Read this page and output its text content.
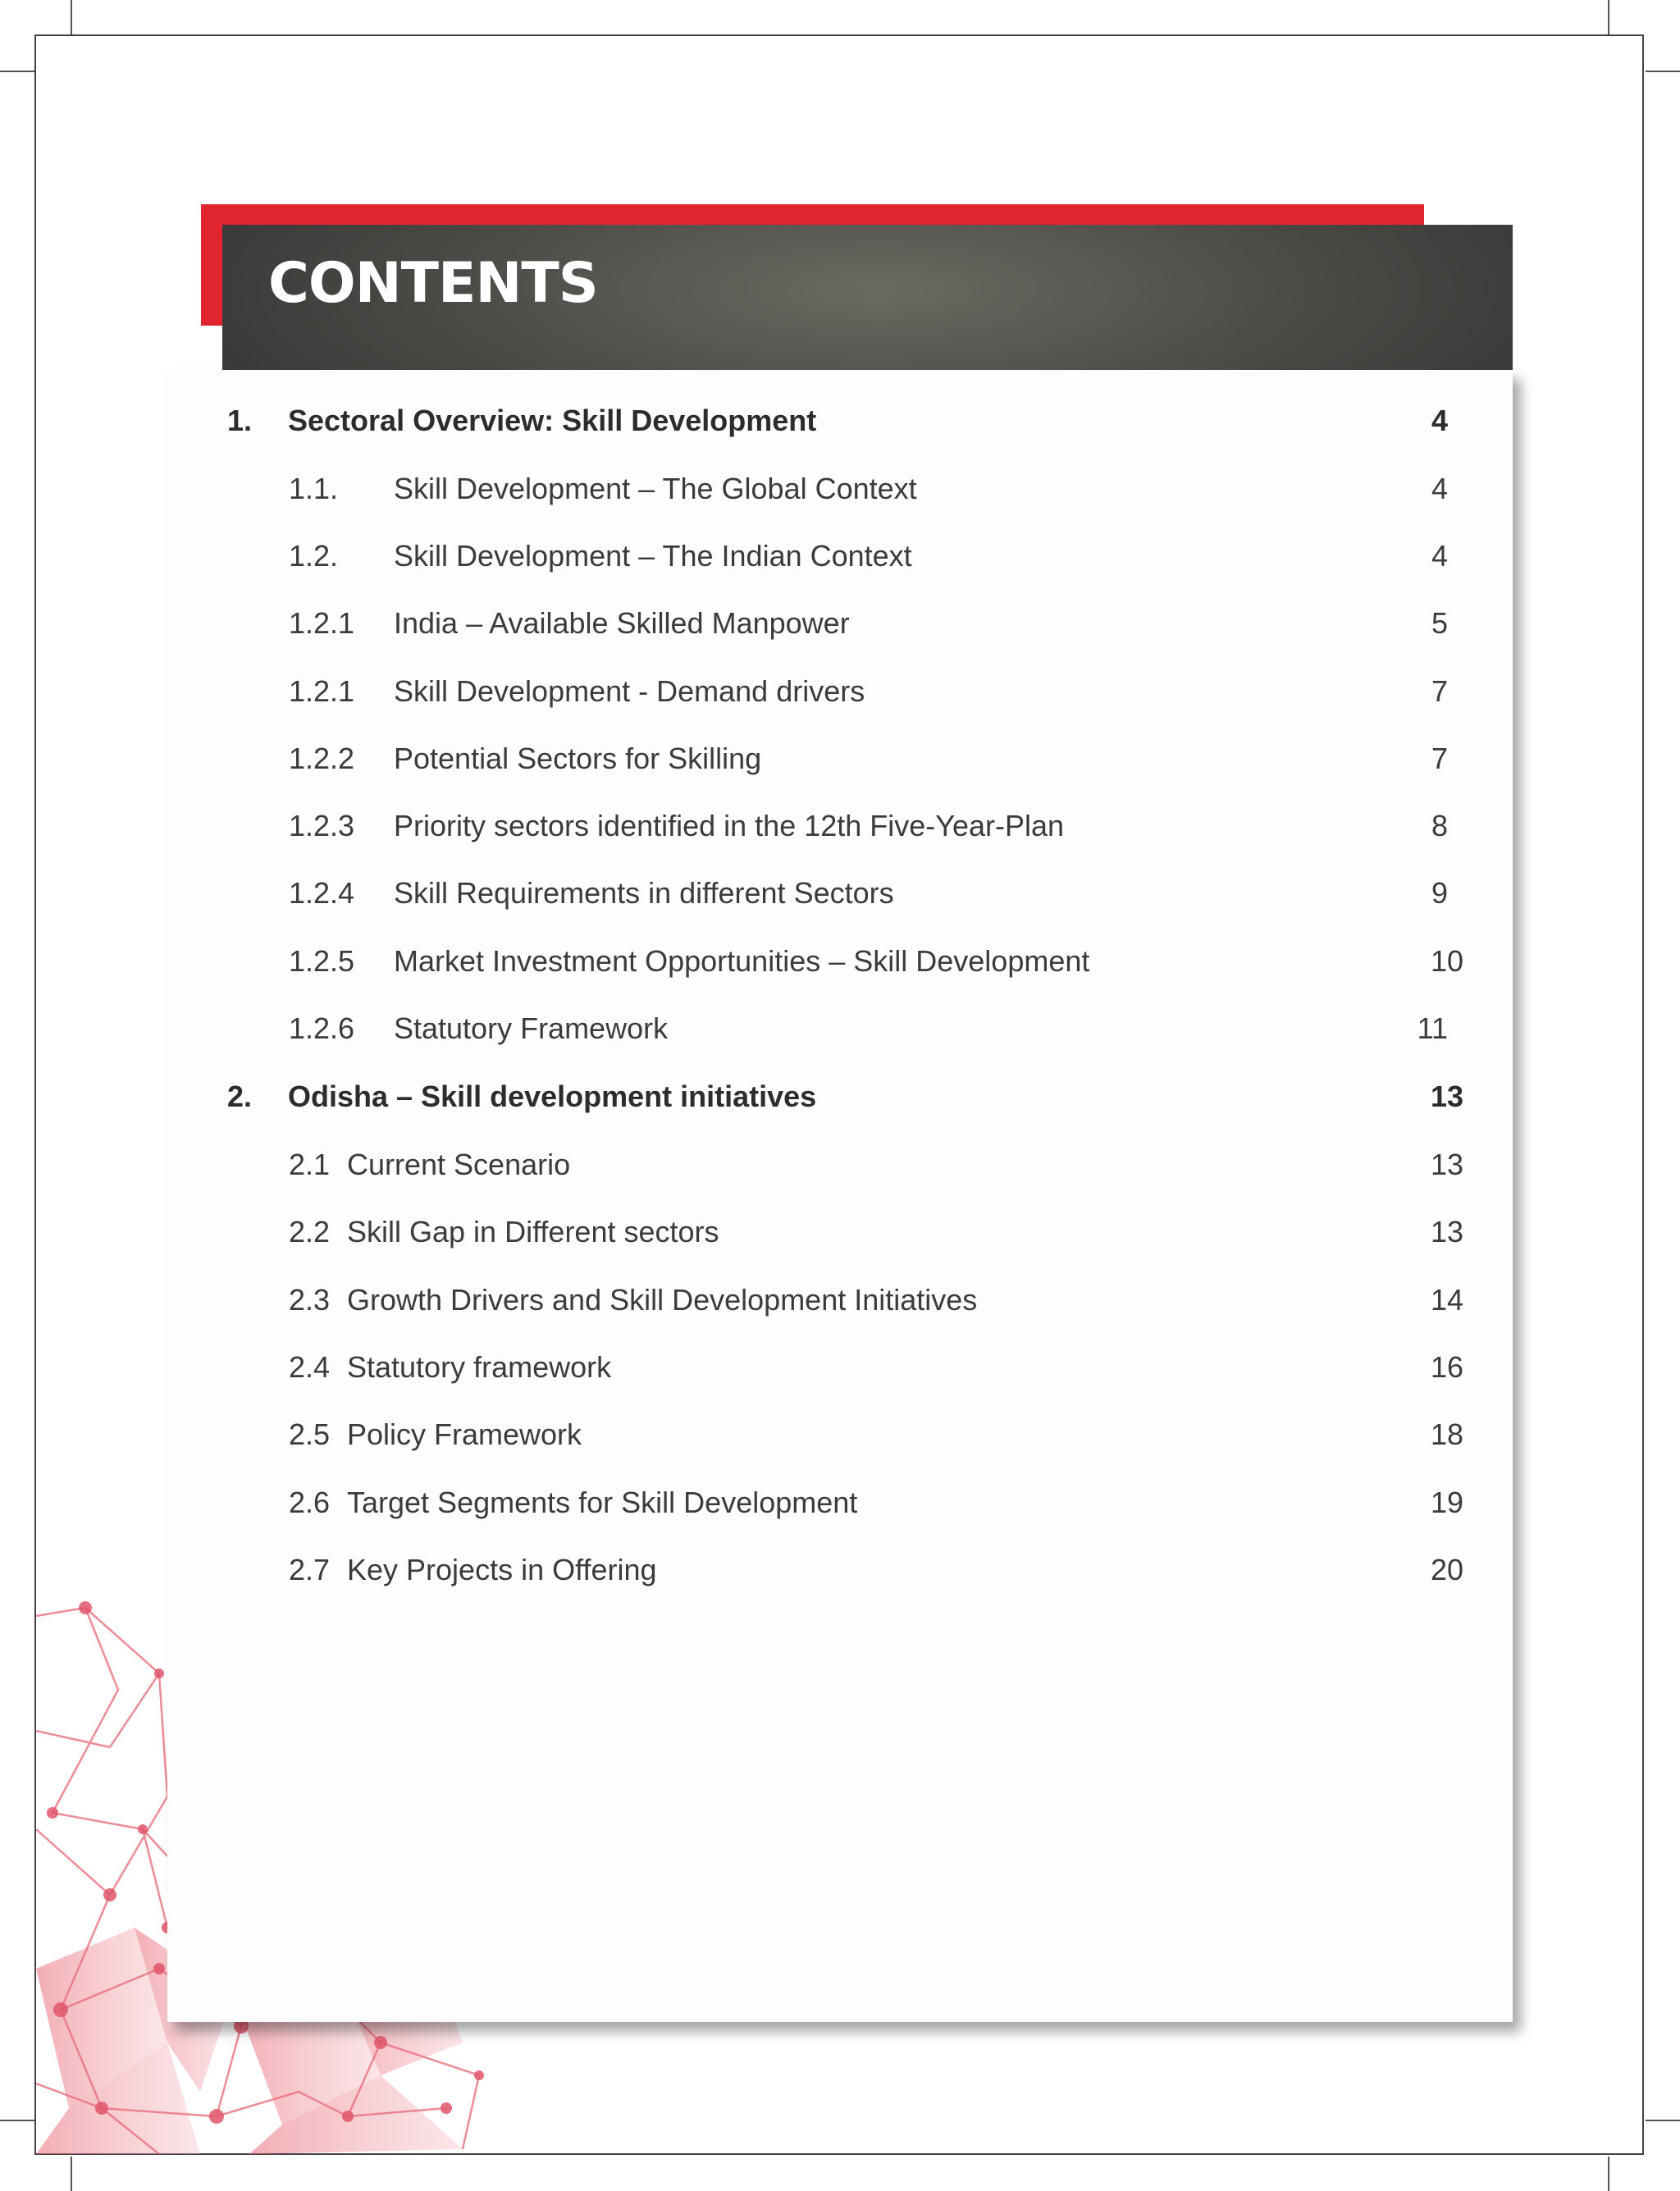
CONTENTS
1. Sectoral Overview: Skill Development	4
1.1. Skill Development – The Global Context	4
1.2. Skill Development – The Indian Context	4
1.2.1 India – Available Skilled Manpower	5
1.2.1 Skill Development - Demand drivers	7
1.2.2 Potential Sectors for Skilling	7
1.2.3 Priority sectors identified in the 12th Five-Year-Plan	8
1.2.4 Skill Requirements in different Sectors	9
1.2.5 Market Investment Opportunities – Skill Development	10
1.2.6 Statutory Framework	11
2. Odisha – Skill development initiatives	13
2.1 Current Scenario	13
2.2 Skill Gap in Different sectors	13
2.3 Growth Drivers and Skill Development Initiatives	14
2.4 Statutory framework	16
2.5 Policy Framework	18
2.6 Target Segments for Skill Development	19
2.7 Key Projects in Offering	20
